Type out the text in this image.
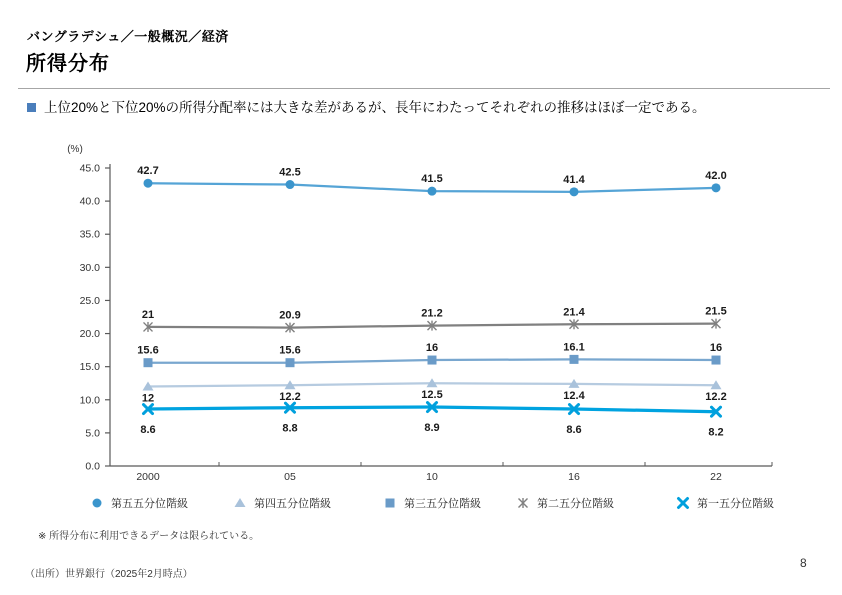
バングラデシュ／一般概況／経済
所得分布
上位20%と下位20%の所得分配率には大きな差があるが、長年にわたってそれぞれの推移はほぼ一定である。
(%)
0.0
5.0
10.0
15.0
20.0
25.0
30.0
35.0
40.0
45.0
2000	05	10	16	22
42.7	42.5
41.5	41.4	42.0
21	20.9	21.2	21.4	21.5
15.6	15.6	16	16.1	16
12	12.2	12.5	12.4	12.2
8.6	8.8	8.9	8.6	8.2
第五五分位階級	第四五分位階級	第三五分位階級	第二五分位階級	第一五分位階級
※ 所得分布に利用できるデータは限られている。
（出所）世界銀行（2025年2月時点）
8
